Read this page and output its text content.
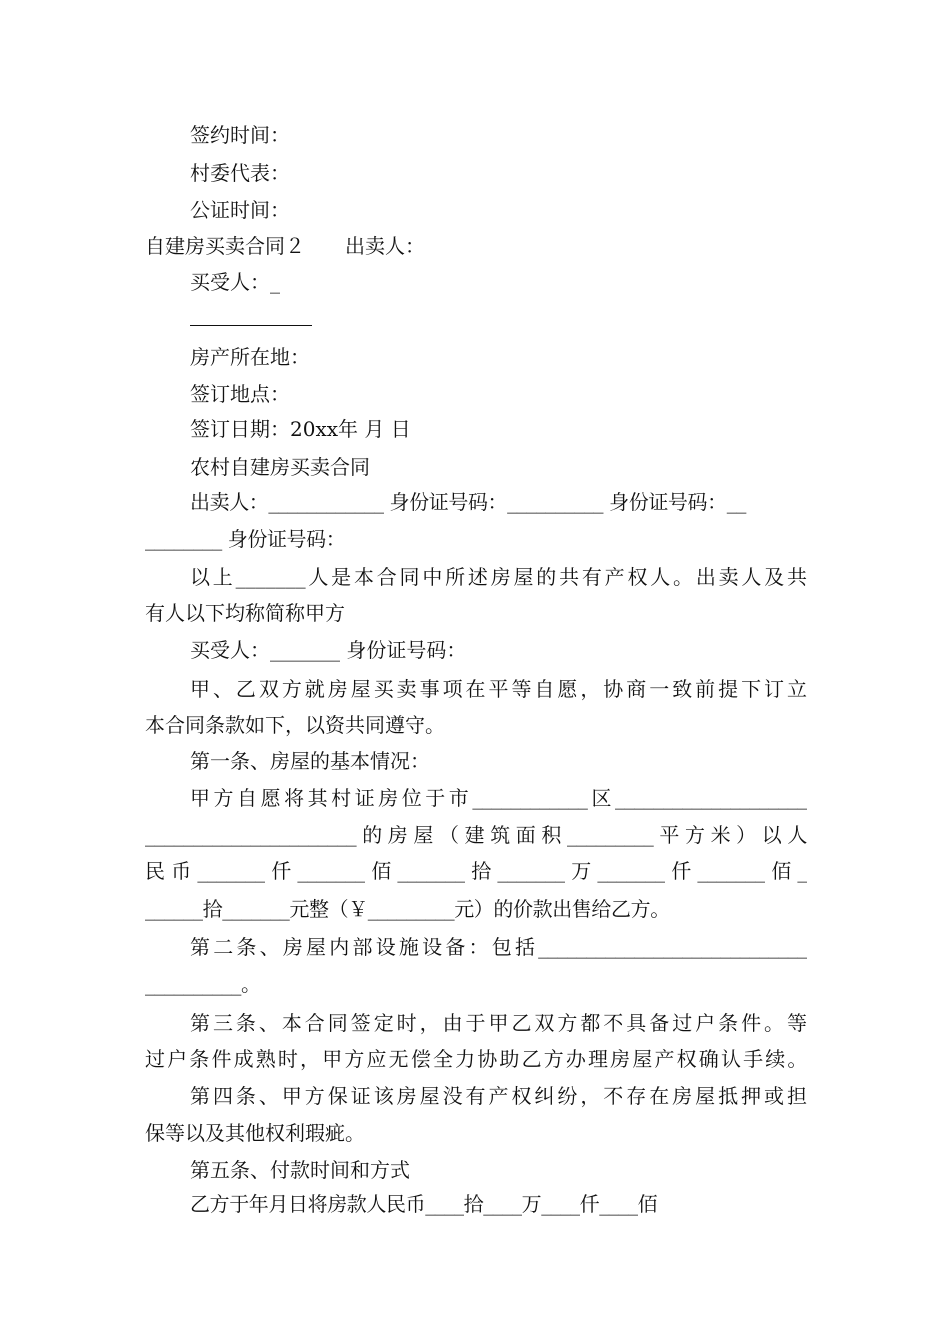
签约时间：
村委代表：
公证时间：
自建房买卖合同２　　出卖人：
买受人：_
房产所在地：
签订地点：
签订日期：20xx年 月 日
农村自建房买卖合同
出卖人：____________ 身份证号码：__________ 身份证号码：__
________ 身份证号码：
以上_______人是本合同中所述房屋的共有产权人。出卖人及共
有人以下均称简称甲方
买受人：_______ 身份证号码：
甲、乙双方就房屋买卖事项在平等自愿，协商一致前提下订立
本合同条款如下，以资共同遵守。
第一条、房屋的基本情况：
甲方自愿将其村证房位于市____________区____________________
______________________的房屋（建筑面积_________平方米）以人
民币_______仟_______佰_______拾_______万_______仟_______佰_
______拾_______元整（￥_________元）的价款出售给乙方。
第二条、房屋内部设施设备：包括____________________________
__________。
第三条、本合同签定时，由于甲乙双方都不具备过户条件。等
过户条件成熟时，甲方应无偿全力协助乙方办理房屋产权确认手续。
第四条、甲方保证该房屋没有产权纠纷，不存在房屋抵押或担
保等以及其他权利瑕疵。
第五条、付款时间和方式
乙方于年月日将房款人民币____拾____万____仟____佰
